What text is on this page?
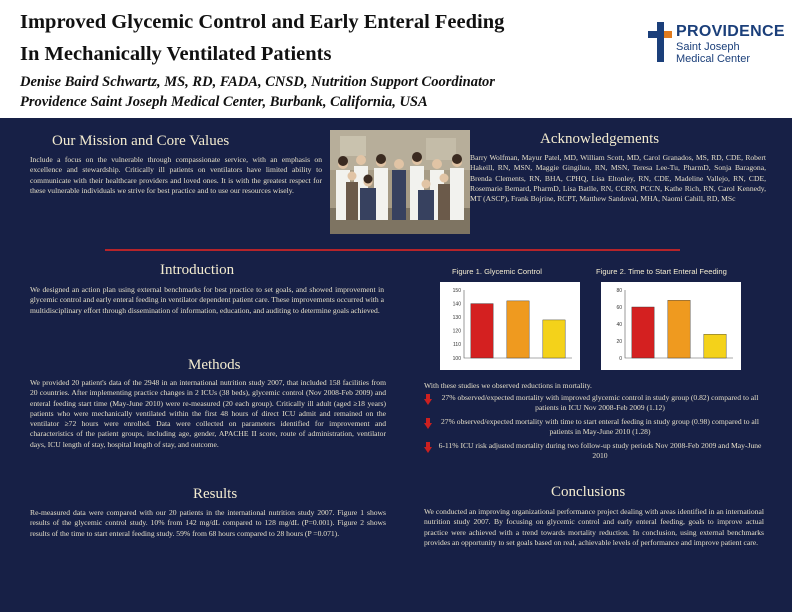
Improved Glycemic Control and Early Enteral Feeding
In Mechanically Ventilated Patients
Denise Baird Schwartz, MS, RD, FADA, CNSD, Nutrition Support Coordinator
Providence Saint Joseph Medical Center, Burbank, California, USA
PROVIDENCE
Saint Joseph
Medical Center
Our Mission and Core Values
Include a focus on the vulnerable through compassionate service, with an emphasis on excellence and stewardship. Critically ill patients on ventilators have limited ability to communicate with their healthcare providers and loved ones. It is with the greatest respect for these vulnerable individuals we strive for best practice and to use our resources wisely.
Acknowledgements
Barry Wolfman, Mayur Patel, MD, William Scott, MD, Carol Granados, MS, RD, CDE, Robert Hakeill, RN, MSN, Maggie Gingiluo, RN, MSN, Teresa Lee-Tu, PharmD, Sonja Baragona, Brenda Clements, RN, BHA, CPHQ, Lisa Eltonley, RN, CDE, Madeline Vallejo, RN, CDE, Rosemarie Bernard, PharmD, Lisa Batlle, RN, CCRN, PCCN, Kathe Rich, RN, Carol Kennedy, MT (ASCP), Frank Bojrine, RCPT, Matthew Sandoval, MHA, Naomi Cahill, RD, MSc
Introduction
We designed an action plan using external benchmarks for best practice to set goals, and showed improvement in glycemic control and early enteral feeding in ventilator dependent patient care. These improvements occurred with a multidisciplinary effort through dissemination of information, education, and auditing to determine goals achieved.
Figure 1. Glycemic Control	Figure 2. Time to Start Enteral Feeding
100
110
120
130
140
150
0
20
40
60
80
Methods
We provided 20 patient's data of the 2948 in an international nutrition study 2007, that included 158 facilities from 20 countries. After implementing practice changes in 2 ICUs (38 beds), glycemic control (Nov 2008-Feb 2009) and enteral feeding start time (May-June 2010) were re-measured (20 each group). Critically ill adult (aged ≥18 years) patients who were mechanically ventilated within the first 48 hours of direct ICU admit and remained on the ventilator ≥72 hours were enrolled. Data were collected on parameters identified for improvement and characteristics of the patient groups, including age, gender, APACHE II score, route of administration, ventilator days, ICU length of stay, hospital length of stay, and outcome.
With these studies we observed reductions in mortality.
27% observed/expected mortality with improved glycemic control in study group (0.82) compared to all patients in ICU Nov 2008-Feb 2009 (1.12)
27% observed/expected mortality with time to start enteral feeding in study group (0.98) compared to all patients in May-June 2010 (1.28)
6-11% ICU risk adjusted mortality during two follow-up study periods Nov 2008-Feb 2009 and May-June 2010
Results
Re-measured data were compared with our 20 patients in the international nutrition study 2007. Figure 1 shows results of the glycemic control study. 10% from 142 mg/dL compared to 128 mg/dL (P=0.001). Figure 2 shows results of the time to start enteral feeding study. 59% from 68 hours compared to 28 hours (P =0.071).
Conclusions
We conducted an improving organizational performance project dealing with areas identified in an international nutrition study 2007. By focusing on glycemic control and early enteral feeding, goals to improve actual practice were achieved with a trend towards mortality reduction. In conclusion, using external benchmarks provides an opportunity to set goals based on real, achievable levels of performance and improve patient care.
